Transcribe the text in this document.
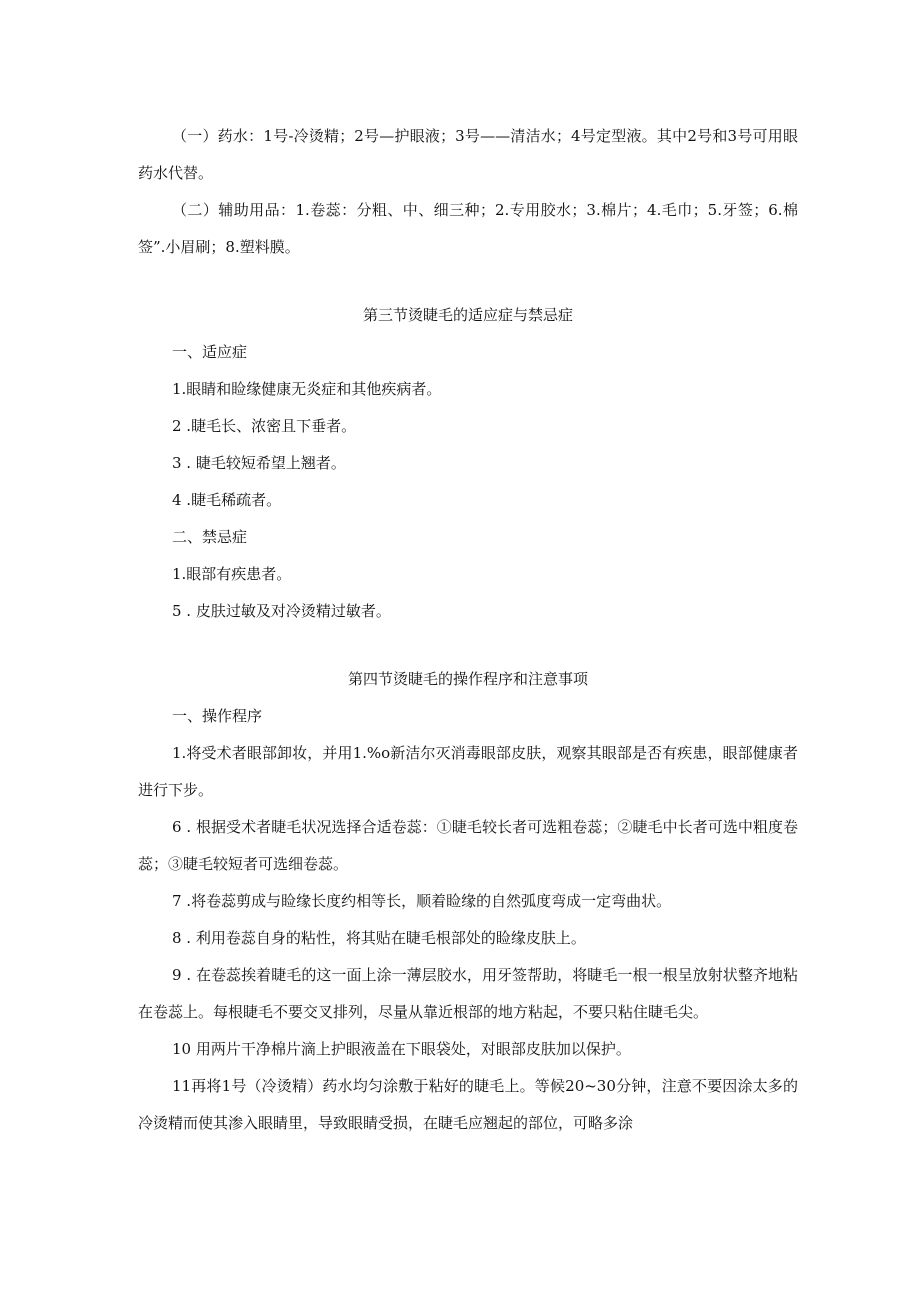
（一）药水：1号-冷烫精；2号—护眼液；3号——清洁水；4号定型液。其中2号和3号可用眼药水代替。

（二）辅助用品：1.卷蕊：分粗、中、细三种；2.专用胶水；3.棉片；4.毛巾；5.牙签；6.棉签”.小眉刷；8.塑料膜。

第三节烫睫毛的适应症与禁忌症

一、适应症

1.眼睛和睑缘健康无炎症和其他疾病者。

2 .睫毛长、浓密且下垂者。

3 . 睫毛较短希望上翘者。

4 .睫毛稀疏者。

二、禁忌症

1.眼部有疾患者。

5 . 皮肤过敏及对冷烫精过敏者。

第四节烫睫毛的操作程序和注意事项

一、操作程序

1.将受术者眼部卸妆，并用1.%o新洁尔灭消毒眼部皮肤，观察其眼部是否有疾患，眼部健康者进行下步。

6 . 根据受术者睫毛状况选择合适卷蕊：①睫毛较长者可选粗卷蕊；②睫毛中长者可选中粗度卷蕊；③睫毛较短者可选细卷蕊。

7 .将卷蕊剪成与睑缘长度约相等长，顺着睑缘的自然弧度弯成一定弯曲状。

8 . 利用卷蕊自身的粘性，将其贴在睫毛根部处的睑缘皮肤上。

9 . 在卷蕊挨着睫毛的这一面上涂一薄层胶水，用牙签帮助，将睫毛一根一根呈放射状整齐地粘在卷蕊上。每根睫毛不要交叉排列，尽量从靠近根部的地方粘起，不要只粘住睫毛尖。

10 用两片干净棉片滴上护眼液盖在下眼袋处，对眼部皮肤加以保护。

11再将1号（冷烫精）药水均匀涂敷于粘好的睫毛上。等候20~30分钟，注意不要因涂太多的冷烫精而使其渗入眼睛里，导致眼睛受损，在睫毛应翘起的部位，可略多涂
